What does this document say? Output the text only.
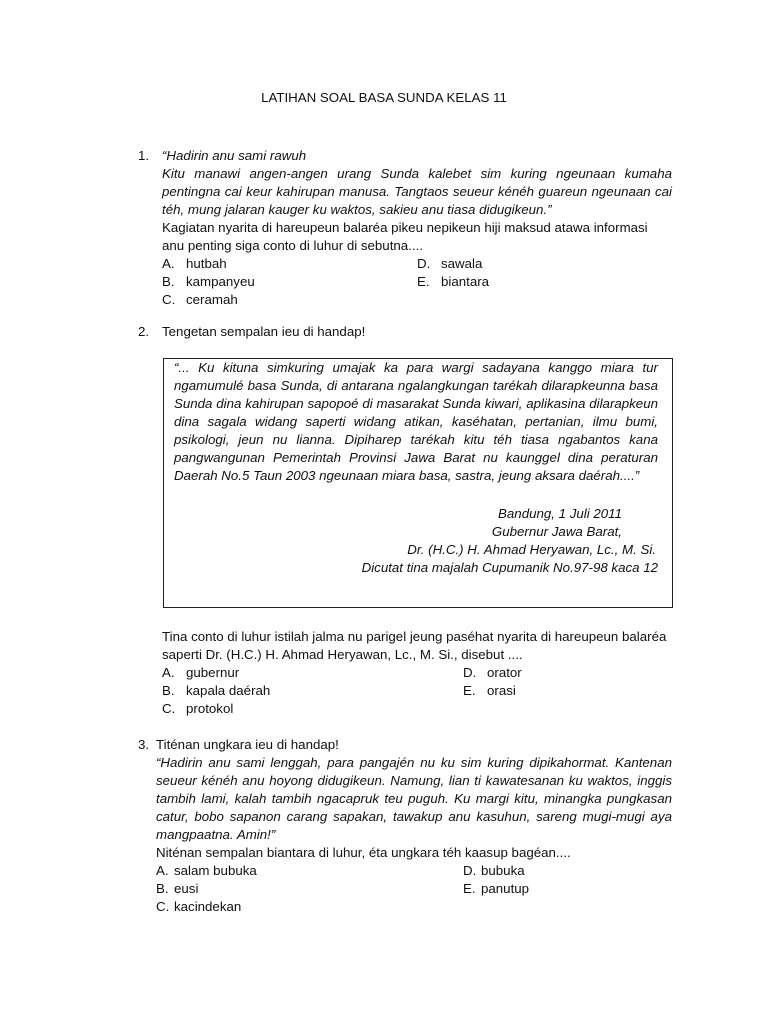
LATIHAN SOAL BASA SUNDA KELAS 11
1. “Hadirin anu sami rawuh
Kitu manawi angen-angen urang Sunda kalebet sim kuring ngeunaan kumaha pentingna cai keur kahirupan manusa. Tangtaos seueur kénéh guareun ngeunaan cai téh, mung jalaran kauger ku waktos, sakieu anu tiasa didugikeun.”
Kagiatan nyarita di hareupeun balaréa pikeu nepikeun hiji maksud atawa informasi anu penting siga conto di luhur di sebutna....
A. hutbah	D. sawala
B. kampanyeu	E. biantara
C. ceramah
2. Tengetan sempalan ieu di handap!
“... Ku kituna simkuring umajak ka para wargi sadayana kanggo miara tur ngamumulé basa Sunda, di antarana ngalangkungan tarékah dilarapkeunna basa Sunda dina kahirupan sapopoé di masarakat Sunda kiwari, aplikasina dilarapkeun dina sagala widang saperti widang atikan, kaséhatan, pertanian, ilmu bumi, psikologi, jeun nu lianna. Dipiharep tarékah kitu téh tiasa ngabantos kana pangwangunan Pemerintah Provinsi Jawa Barat nu kaunggel dina peraturan Daerah No.5 Taun 2003 ngeunaan miara basa, sastra, jeung aksara daérah....”
Bandung, 1 Juli 2011
Gubernur Jawa Barat,
Dr. (H.C.) H. Ahmad Heryawan, Lc., M. Si.
Dicutat tina majalah Cupumanik No.97-98 kaca 12
Tina conto di luhur istilah jalma nu parigel jeung paséhat nyarita di hareupeun balaréa saperti Dr. (H.C.) H. Ahmad Heryawan, Lc., M. Si., disebut ....
A. gubernur	D. orator
B. kapala daérah	E. orasi
C. protokol
3. Titénan ungkara ieu di handap!
“Hadirin anu sami lenggah, para pangajén nu ku sim kuring dipikahormat. Kantenan seueur kénéh anu hoyong didugikeun. Namung, lian ti kawatesanan ku waktos, inggis tambih lami, kalah tambih ngacapruk teu puguh. Ku margi kitu, minangka pungkasan catur, bobo sapanon carang sapakan, tawakup anu kasuhun, sareng mugi-mugi aya mangpaatna. Amin!”
Niténan sempalan biantara di luhur, éta ungkara téh kaasup bagéan....
A. salam bubuka	D. bubuka
B. eusi	E. panutup
C. kacindekan
